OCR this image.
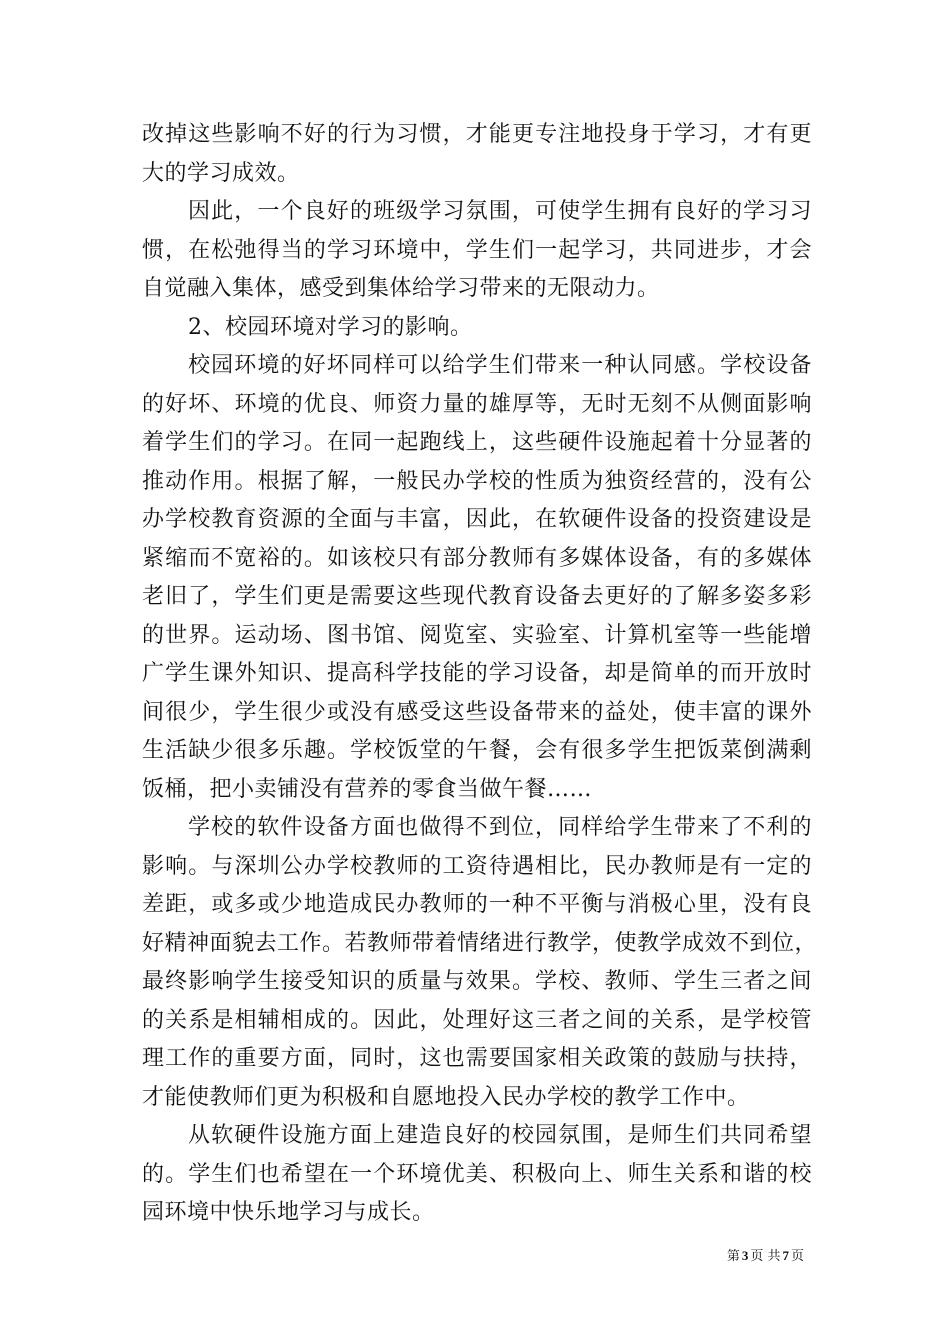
改掉这些影响不好的行为习惯，才能更专注地投身于学习，才有更
大的学习成效。
因此，一个良好的班级学习氛围，可使学生拥有良好的学习习
惯，在松弛得当的学习环境中，学生们一起学习，共同进步，才会
自觉融入集体，感受到集体给学习带来的无限动力。
2、校园环境对学习的影响。
校园环境的好坏同样可以给学生们带来一种认同感。学校设备
的好坏、环境的优良、师资力量的雄厚等，无时无刻不从侧面影响
着学生们的学习。在同一起跑线上，这些硬件设施起着十分显著的
推动作用。根据了解，一般民办学校的性质为独资经营的，没有公
办学校教育资源的全面与丰富，因此，在软硬件设备的投资建设是
紧缩而不宽裕的。如该校只有部分教师有多媒体设备，有的多媒体
老旧了，学生们更是需要这些现代教育设备去更好的了解多姿多彩
的世界。运动场、图书馆、阅览室、实验室、计算机室等一些能增
广学生课外知识、提高科学技能的学习设备，却是简单的而开放时
间很少，学生很少或没有感受这些设备带来的益处，使丰富的课外
生活缺少很多乐趣。学校饭堂的午餐，会有很多学生把饭菜倒满剩
饭桶，把小卖铺没有营养的零食当做午餐……
学校的软件设备方面也做得不到位，同样给学生带来了不利的
影响。与深圳公办学校教师的工资待遇相比，民办教师是有一定的
差距，或多或少地造成民办教师的一种不平衡与消极心里，没有良
好精神面貌去工作。若教师带着情绪进行教学，使教学成效不到位，
最终影响学生接受知识的质量与效果。学校、教师、学生三者之间
的关系是相辅相成的。因此，处理好这三者之间的关系，是学校管
理工作的重要方面，同时，这也需要国家相关政策的鼓励与扶持，
才能使教师们更为积极和自愿地投入民办学校的教学工作中。
从软硬件设施方面上建造良好的校园氛围，是师生们共同希望
的。学生们也希望在一个环境优美、积极向上、师生关系和谐的校
园环境中快乐地学习与成长。
第 3 页 共 7 页
